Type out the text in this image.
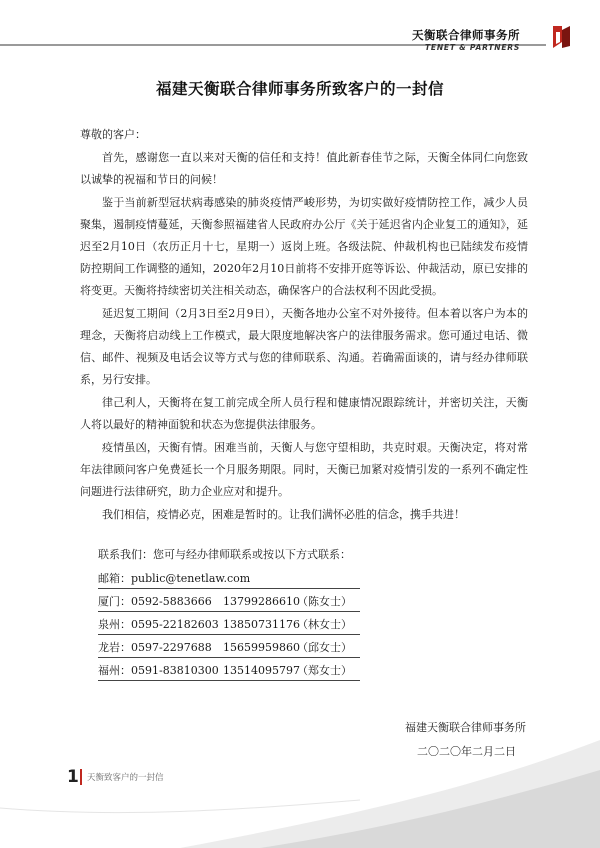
天衡联合律师事务所
TENET & PARTNERS
福建天衡联合律师事务所致客户的一封信

尊敬的客户：

首先，感谢您一直以来对天衡的信任和支持！值此新春佳节之际，天衡全体同仁向您致以诚挚的祝福和节日的问候！

鉴于当前新型冠状病毒感染的肺炎疫情严峻形势，为切实做好疫情防控工作，减少人员聚集，遏制疫情蔓延，天衡参照福建省人民政府办公厅《关于延迟省内企业复工的通知》，延迟至2月10日（农历正月十七，星期一）返岗上班。各级法院、仲裁机构也已陆续发布疫情防控期间工作调整的通知，2020年2月10日前将不安排开庭等诉讼、仲裁活动，原已安排的将变更。天衡将持续密切关注相关动态，确保客户的合法权利不因此受损。

延迟复工期间（2月3日至2月9日），天衡各地办公室不对外接待。但本着以客户为本的理念，天衡将启动线上工作模式，最大限度地解决客户的法律服务需求。您可通过电话、微信、邮件、视频及电话会议等方式与您的律师联系、沟通。若确需面谈的，请与经办律师联系，另行安排。

律己利人，天衡将在复工前完成全所人员行程和健康情况跟踪统计，并密切关注，天衡人将以最好的精神面貌和状态为您提供法律服务。

疫情虽凶，天衡有情。困难当前，天衡人与您守望相助，共克时艰。天衡决定，将对常年法律顾问客户免费延长一个月服务期限。同时，天衡已加紧对疫情引发的一系列不确定性问题进行法律研究，助力企业应对和提升。

我们相信，疫情必克，困难是暂时的。让我们满怀必胜的信念，携手共进！

联系我们：您可与经办律师联系或按以下方式联系：
邮箱： public@tenetlaw.com
厦门： 0592-5883666 13799286610
（陈女士）
泉州： 0595-22182603 13850731176
（林女士）
龙岩： 0597-2297688 15659959860
（邱女士）
福州： 0591-83810300 13514095797
（郑女士）
福建天衡联合律师事务所
二〇二〇年二月二日
1 天衡致客户的一封信
